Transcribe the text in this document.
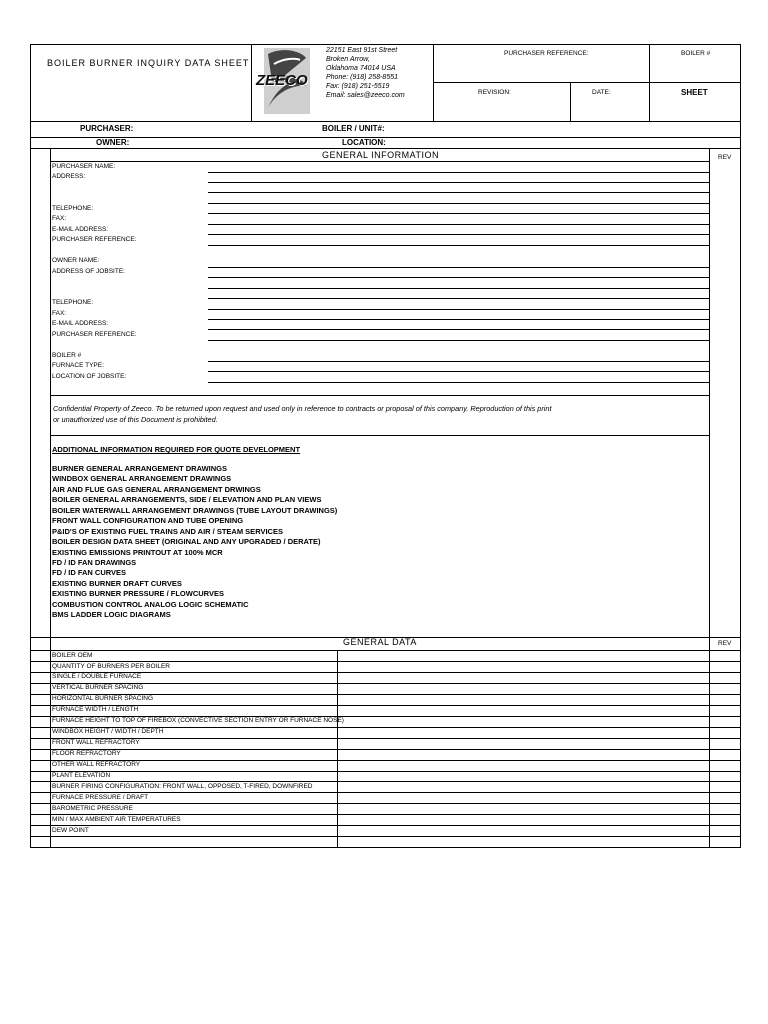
BOILER BURNER INQUIRY DATA SHEET
ZEECO
22151 East 91st Street
Broken Arrow,
Oklahoma 74014 USA
Phone: (918) 258-8551
Fax: (918) 251-5519
Email: sales@zeeco.com
PURCHASER REFERENCE:	BOILER #
REVISION:	DATE:	SHEET
PURCHASER:	BOILER / UNIT#:
OWNER:	LOCATION:
GENERAL INFORMATION	REV
PURCHASER NAME:
ADDRESS:
TELEPHONE:
FAX:
E-MAIL ADDRESS:
PURCHASER REFERENCE:
OWNER NAME:
ADDRESS OF JOBSITE:
TELEPHONE:
FAX:
E-MAIL ADDRESS:
PURCHASER REFERENCE:
BOILER #
FURNACE TYPE:
LOCATION OF JOBSITE:
Confidential Property of Zeeco. To be returned upon request and used only in reference to contracts or proposal of this company. Reproduction of this print
or unauthorized use of this Document is prohibited.
ADDITIONAL INFORMATION REQUIRED FOR QUOTE DEVELOPMENT
BURNER GENERAL ARRANGEMENT DRAWINGS
WINDBOX GENERAL ARRANGEMENT DRAWINGS
AIR AND FLUE GAS GENERAL ARRANGEMENT DRWINGS
BOILER GENERAL ARRANGEMENTS, SIDE / ELEVATION AND PLAN VIEWS
BOILER WATERWALL ARRANGEMENT DRAWINGS (TUBE LAYOUT DRAWINGS)
FRONT WALL CONFIGURATION AND TUBE OPENING
P&ID'S OF EXISTING FUEL TRAINS AND AIR / STEAM SERVICES
BOILER DESIGN DATA SHEET (ORIGINAL AND ANY UPGRADED / DERATE)
EXISTING EMISSIONS PRINTOUT AT 100% MCR
FD / ID FAN DRAWINGS
FD / ID FAN CURVES
EXISTING BURNER DRAFT CURVES
EXISTING BURNER PRESSURE / FLOWCURVES
COMBUSTION CONTROL ANALOG LOGIC SCHEMATIC
BMS LADDER LOGIC DIAGRAMS
GENERAL DATA	REV
BOILER OEM
QUANTITY OF BURNERS PER BOILER
SINGLE / DOUBLE FURNACE
VERTICAL BURNER SPACING
HORIZONTAL BURNER SPACING
FURNACE WIDTH / LENGTH
FURNACE HEIGHT TO TOP OF FIREBOX (CONVECTIVE SECTION ENTRY OR FURNACE NOSE)
WINDBOX HEIGHT / WIDTH / DEPTH
FRONT WALL REFRACTORY
FLOOR REFRACTORY
OTHER WALL REFRACTORY
PLANT ELEVATION
BURNER FIRING CONFIGURATION: FRONT WALL, OPPOSED, T-FIRED, DOWNFIRED
FURNACE PRESSURE / DRAFT
BAROMETRIC PRESSURE
MIN / MAX AMBIENT AIR TEMPERATURES
DEW POINT
